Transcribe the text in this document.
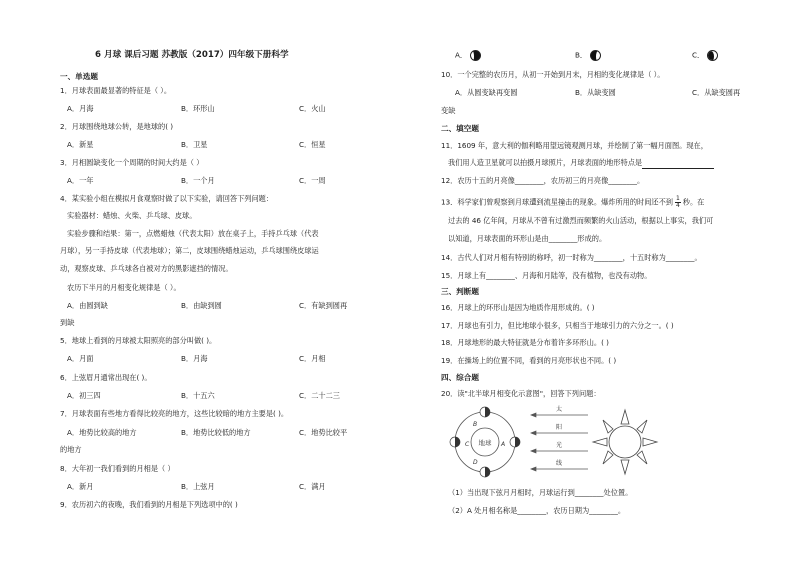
6 月球 课后习题 苏教版（2017）四年级下册科学
一、单选题
1．月球表面最显著的特征是（ ）。
A．月海	B．环形山	C．火山
2．月球围绕地球公转，是地球的( )
A．新星	B．卫星	C．恒星
3．月相圆缺变化一个周期的时间大约是（ ）
A．一年	B．一个月	C．一周
4．某实验小组在模拟月食观察时做了以下实验，请回答下列问题：
实验器材：蜡烛、火柴、乒乓球、皮球。
实验步骤和结果：第一，点燃蜡烛（代表太阳）放在桌子上，手持乒乓球（代表
月球），另一手持皮球（代表地球）；第二，皮球围绕蜡烛运动，乒乓球围绕皮球运
动，观察皮球、乒乓球各自被对方的黑影遮挡的情况。
农历下半月的月相变化规律是（ ）。
A．由圆到缺	B．由缺到圆	C．有缺到圆再
到缺
5．地球上看到的月球被太阳照亮的部分叫做( )。
A．月面	B．月海	C．月相
6．上弦眉月通常出现在( )。
A．初三四	B．十五六	C．二十二三
7．月球表面有些地方看得比较亮的地方，这些比较暗的地方主要是( )。
A．地势比较高的地方	B．地势比较低的地方	C．地势比较平
的地方
8．大年初一我们看到的月相是（ ）
A．新月	B．上弦月	C．满月
9．农历初六的夜晚，我们看到的月相是下列选项中的( )
A．	B．	C．
10．一个完整的农历月，从初一开始到月末，月相的变化规律是（ ）。
A．从圆变缺再变圆	B．从缺变圆	C．从缺变圆再
变缺
二、填空题
11．1609 年，意大利的伽利略用望远镜观测月球，并绘制了第一幅月面图。现在，
我们用人造卫星就可以拍摄月球照片，月球表面的地形特点是
12．农历十五的月亮像________，农历初三的月亮像________。
13．科学家们曾观察到月球遭到流星撞击的现象。爆炸所用的时间还不到 $\frac{1}{4}$ 秒。在
过去的 46 亿年间，月球从不曾有过激烈而频繁的火山活动，根据以上事实，我们可
以知道，月球表面的环形山是由________形成的。
14．古代人们对月相有特别的称呼，初一时称为________，十五时称为________。
15．月球上有________、月海和月陆等，没有植物，也没有动物。
三、判断题
16．月球上的环形山是因为地质作用形成的。( )
17．月球也有引力，但比地球小很多，只相当于地球引力的六分之一。( )
18．月球地形的最大特征就是分布着许多环形山。( )
19．在操场上的位置不同，看到的月亮形状也不同。( )
四、综合题
20．读"北半球月相变化示意图"，回答下列问题：
地球
B
C	A
D
太
阳
光
线
（1）当出现下弦月月相时，月球运行到________处位置。
（2）A 处月相名称是________，农历日期为________。
